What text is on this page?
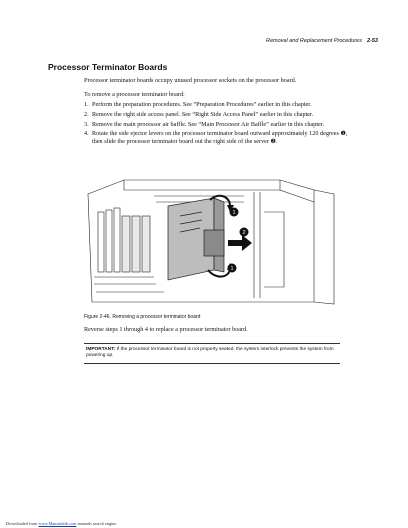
Removal and Replacement Procedures 2-53
Processor Terminator Boards
Processor terminator boards occupy unused processor sockets on the processor board.
To remove a processor terminator board:
1. Perform the preparation procedures. See “Preparation Procedures” earlier in this chapter.
2. Remove the right side access panel. See “Right Side Access Panel” earlier in this chapter.
3. Remove the main processor air baffle. See “Main Processor Air Baffle” earlier in this chapter.
4. Rotate the side ejector levers on the processor terminator board outward approximately 120 degrees ❶, then slide the processor terminator board out the right side of the server ❷.
1
2
1
Figure 2-46. Removing a processor terminator board
Reverse steps 1 through 4 to replace a processor terminator board.
IMPORTANT: If the processor terminator board is not properly seated, the system interlock prevents the system from powering up.
Downloaded from www.Manualslib.com manuals search engine
